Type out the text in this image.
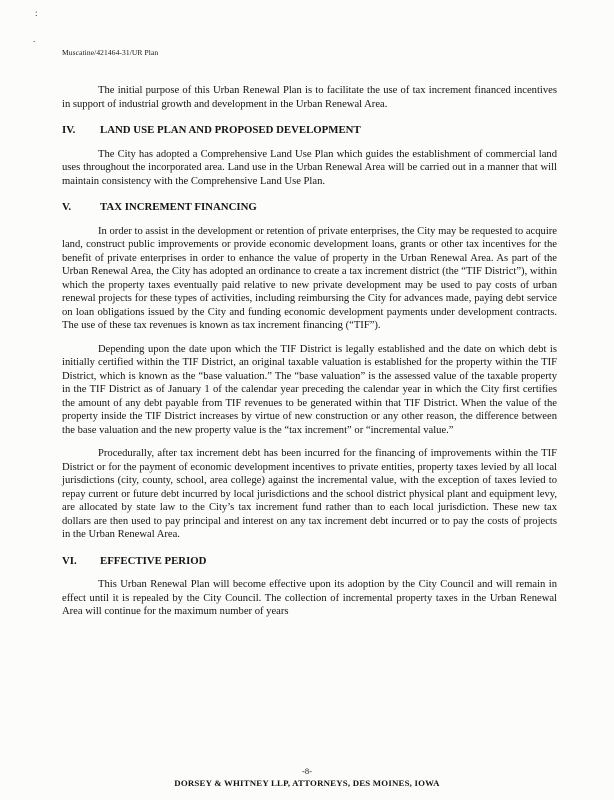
:
.
Muscatine/421464-31/UR Plan

The initial purpose of this Urban Renewal Plan is to facilitate the use of tax increment financed incentives in support of industrial growth and development in the Urban Renewal Area.

IV.	LAND USE PLAN AND PROPOSED DEVELOPMENT

The City has adopted a Comprehensive Land Use Plan which guides the establishment of commercial land uses throughout the incorporated area. Land use in the Urban Renewal Area will be carried out in a manner that will maintain consistency with the Comprehensive Land Use Plan.

V.	TAX INCREMENT FINANCING

In order to assist in the development or retention of private enterprises, the City may be requested to acquire land, construct public improvements or provide economic development loans, grants or other tax incentives for the benefit of private enterprises in order to enhance the value of property in the Urban Renewal Area. As part of the Urban Renewal Area, the City has adopted an ordinance to create a tax increment district (the “TIF District”), within which the property taxes eventually paid relative to new private development may be used to pay costs of urban renewal projects for these types of activities, including reimbursing the City for advances made, paying debt service on loan obligations issued by the City and funding economic development payments under development contracts. The use of these tax revenues is known as tax increment financing (“TIF”).

Depending upon the date upon which the TIF District is legally established and the date on which debt is initially certified within the TIF District, an original taxable valuation is established for the property within the TIF District, which is known as the “base valuation.” The “base valuation” is the assessed value of the taxable property in the TIF District as of January 1 of the calendar year preceding the calendar year in which the City first certifies the amount of any debt payable from TIF revenues to be generated within that TIF District. When the value of the property inside the TIF District increases by virtue of new construction or any other reason, the difference between the base valuation and the new property value is the “tax increment” or “incremental value.”

Procedurally, after tax increment debt has been incurred for the financing of improvements within the TIF District or for the payment of economic development incentives to private entities, property taxes levied by all local jurisdictions (city, county, school, area college) against the incremental value, with the exception of taxes levied to repay current or future debt incurred by local jurisdictions and the school district physical plant and equipment levy, are allocated by state law to the City’s tax increment fund rather than to each local jurisdiction. These new tax dollars are then used to pay principal and interest on any tax increment debt incurred or to pay the costs of projects in the Urban Renewal Area.

VI.	EFFECTIVE PERIOD

This Urban Renewal Plan will become effective upon its adoption by the City Council and will remain in effect until it is repealed by the City Council. The collection of incremental property taxes in the Urban Renewal Area will continue for the maximum number of years

-8-
DORSEY & WHITNEY LLP, ATTORNEYS, DES MOINES, IOWA
